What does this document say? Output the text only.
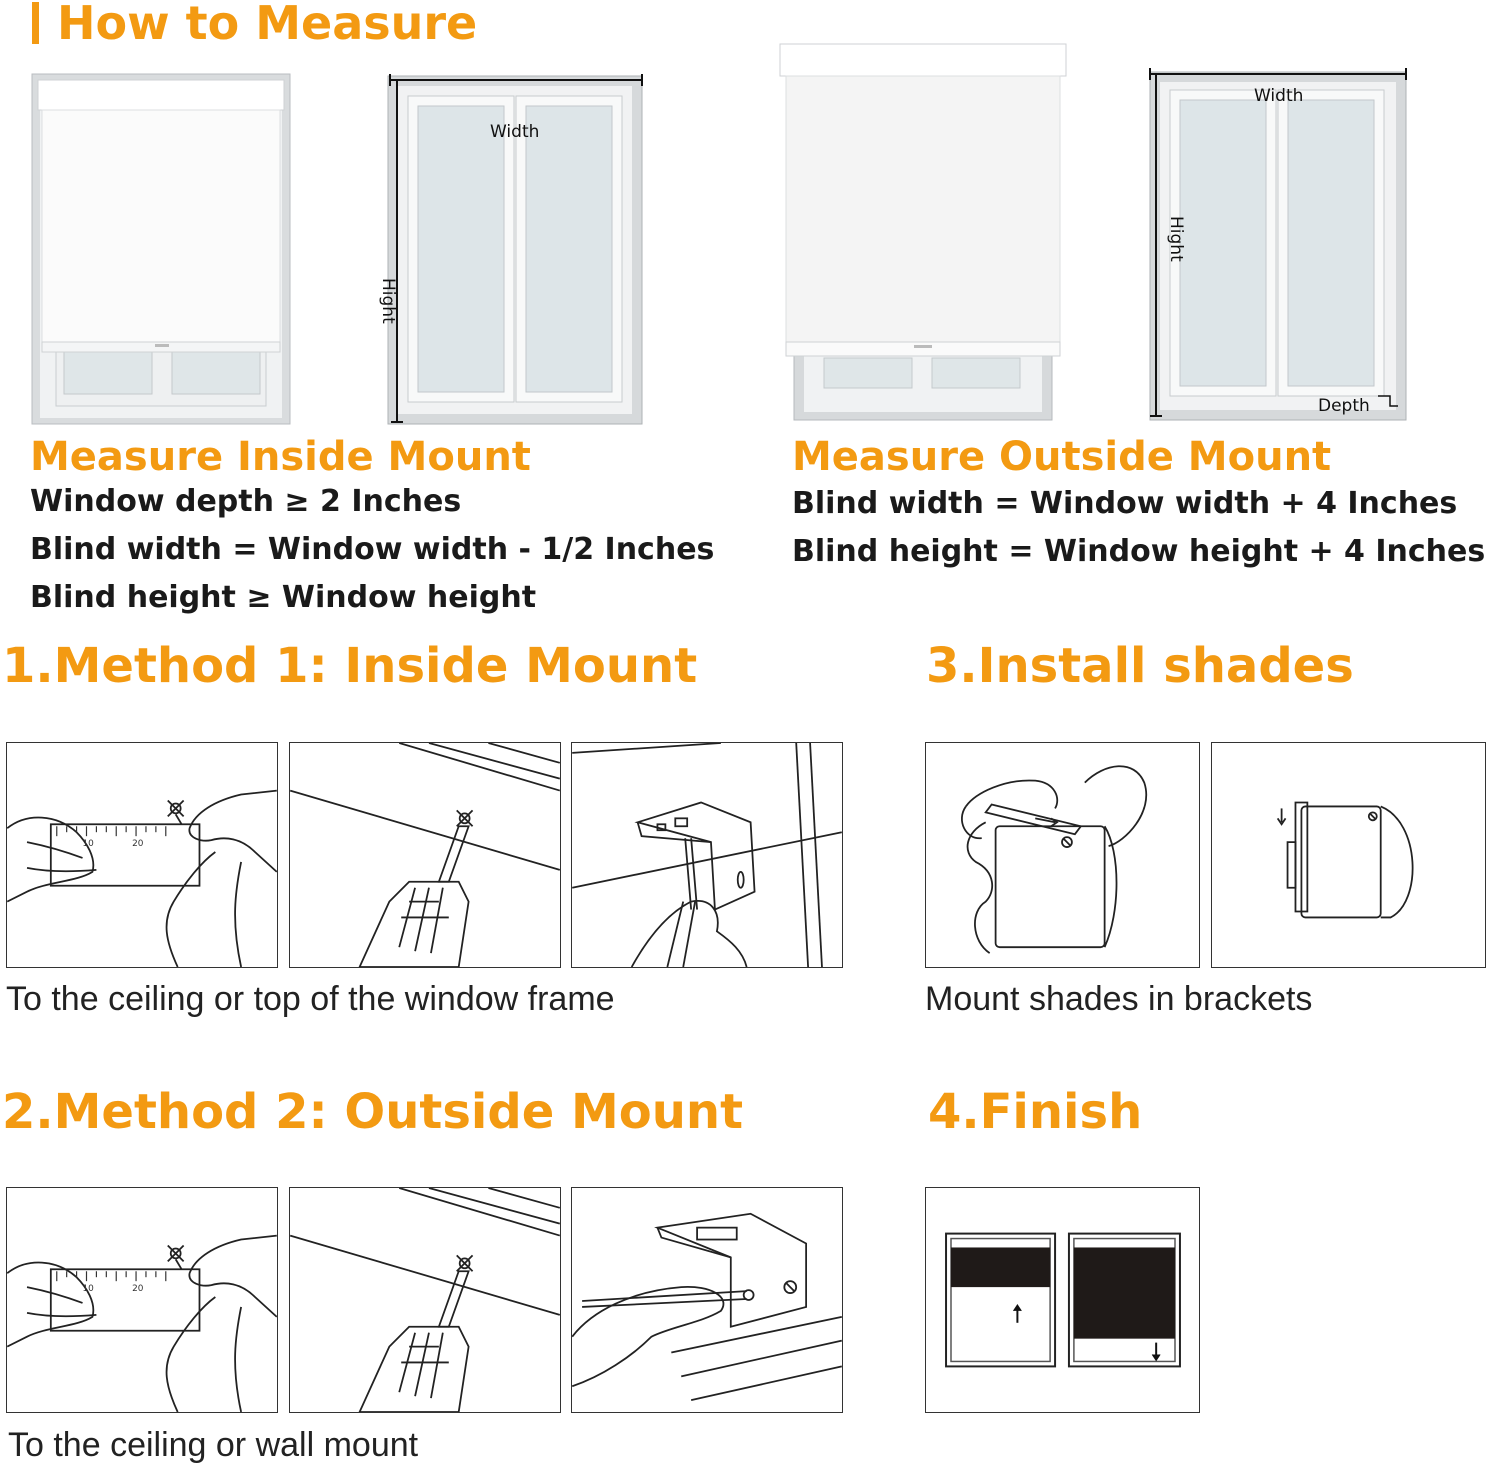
How to Measure
Width
Hight
Width
Hight
Depth
Measure Inside Mount
Window depth ≥ 2 Inches
Blind width = Window width - 1/2 Inches
Blind height ≥ Window height
Measure Outside Mount
Blind width = Window width + 4 Inches
Blind height = Window height + 4 Inches
1.Method 1: Inside Mount	3.Install shades
10	20
To the ceiling or top of the window frame	Mount shades in brackets
2.Method 2: Outside Mount	4.Finish
10	20
To the ceiling or wall mount
